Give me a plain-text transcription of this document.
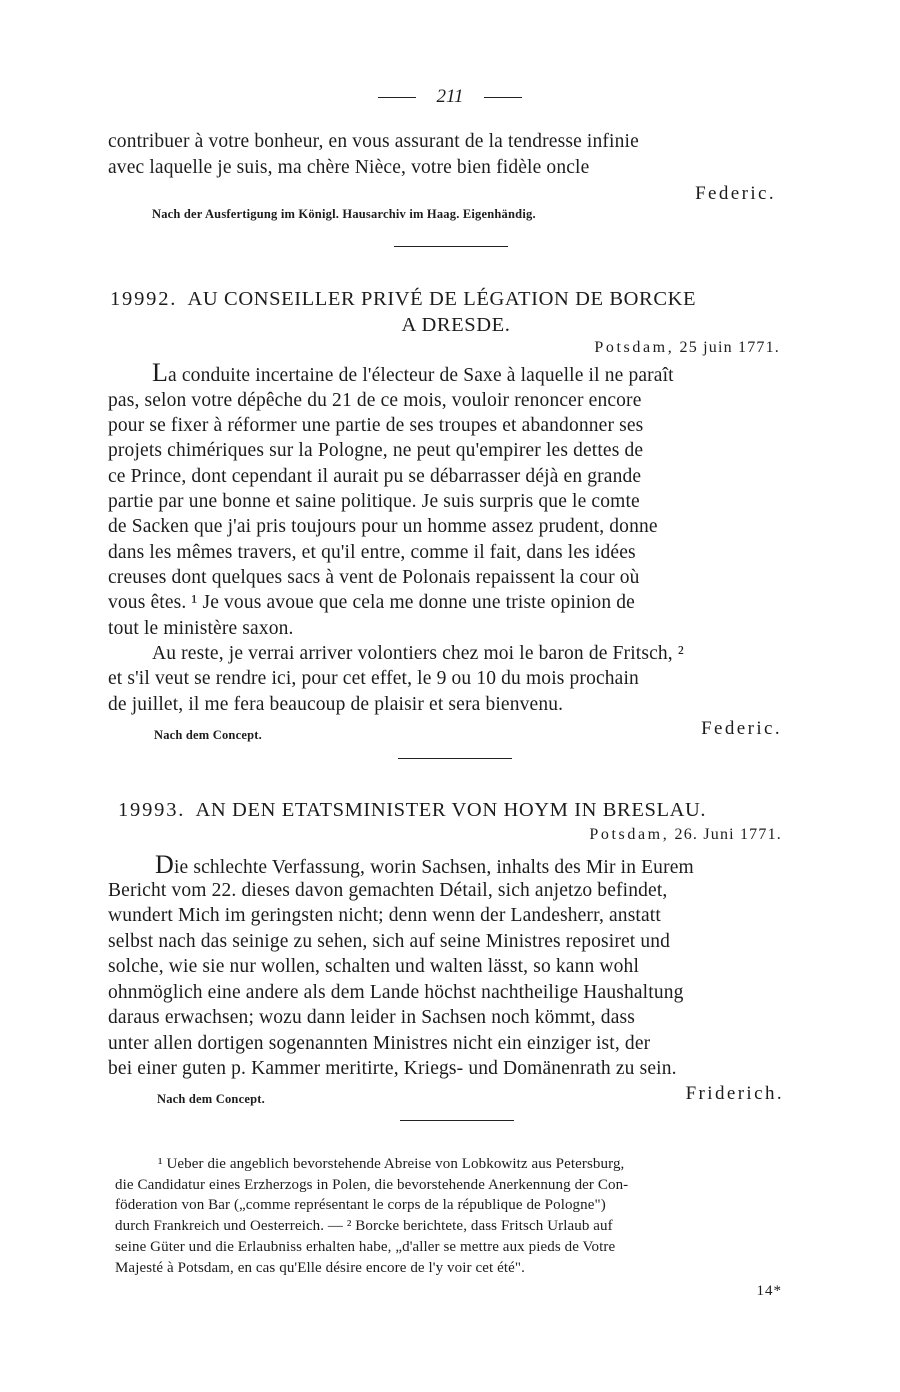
211
contribuer à votre bonheur, en vous assurant de la tendresse infinie
avec laquelle je suis, ma chère Nièce, votre bien fidèle oncle
Federic.
Nach der Ausfertigung im Königl. Hausarchiv im Haag. Eigenhändig.
19992. AU CONSEILLER PRIVÉ DE LÉGATION DE BORCKE
A DRESDE.
Potsdam, 25 juin 1771.
La conduite incertaine de l'électeur de Saxe à laquelle il ne paraît
pas, selon votre dépêche du 21 de ce mois, vouloir renoncer encore
pour se fixer à réformer une partie de ses troupes et abandonner ses
projets chimériques sur la Pologne, ne peut qu'empirer les dettes de
ce Prince, dont cependant il aurait pu se débarrasser déjà en grande
partie par une bonne et saine politique. Je suis surpris que le comte
de Sacken que j'ai pris toujours pour un homme assez prudent, donne
dans les mêmes travers, et qu'il entre, comme il fait, dans les idées
creuses dont quelques sacs à vent de Polonais repaissent la cour où
vous êtes. ¹ Je vous avoue que cela me donne une triste opinion de
tout le ministère saxon.
Au reste, je verrai arriver volontiers chez moi le baron de Fritsch, ²
et s'il veut se rendre ici, pour cet effet, le 9 ou 10 du mois prochain
de juillet, il me fera beaucoup de plaisir et sera bienvenu.
Nach dem Concept.	Federic.
19993. AN DEN ETATSMINISTER VON HOYM IN BRESLAU.
Potsdam, 26. Juni 1771.
Die schlechte Verfassung, worin Sachsen, inhalts des Mir in Eurem
Bericht vom 22. dieses davon gemachten Détail, sich anjetzo befindet,
wundert Mich im geringsten nicht; denn wenn der Landesherr, anstatt
selbst nach das seinige zu sehen, sich auf seine Ministres reposiret und
solche, wie sie nur wollen, schalten und walten lässt, so kann wohl
ohnmöglich eine andere als dem Lande höchst nachtheilige Haushaltung
daraus erwachsen; wozu dann leider in Sachsen noch kömmt, dass
unter allen dortigen sogenannten Ministres nicht ein einziger ist, der
bei einer guten p. Kammer meritirte, Kriegs- und Domänenrath zu sein.
Nach dem Concept.	Friderich.
¹ Ueber die angeblich bevorstehende Abreise von Lobkowitz aus Petersburg,
die Candidatur eines Erzherzogs in Polen, die bevorstehende Anerkennung der Con-
föderation von Bar („comme représentant le corps de la république de Pologne")
durch Frankreich und Oesterreich. — ² Borcke berichtete, dass Fritsch Urlaub auf
seine Güter und die Erlaubniss erhalten habe, „d'aller se mettre aux pieds de Votre
Majesté à Potsdam, en cas qu'Elle désire encore de l'y voir cet été".
14*
